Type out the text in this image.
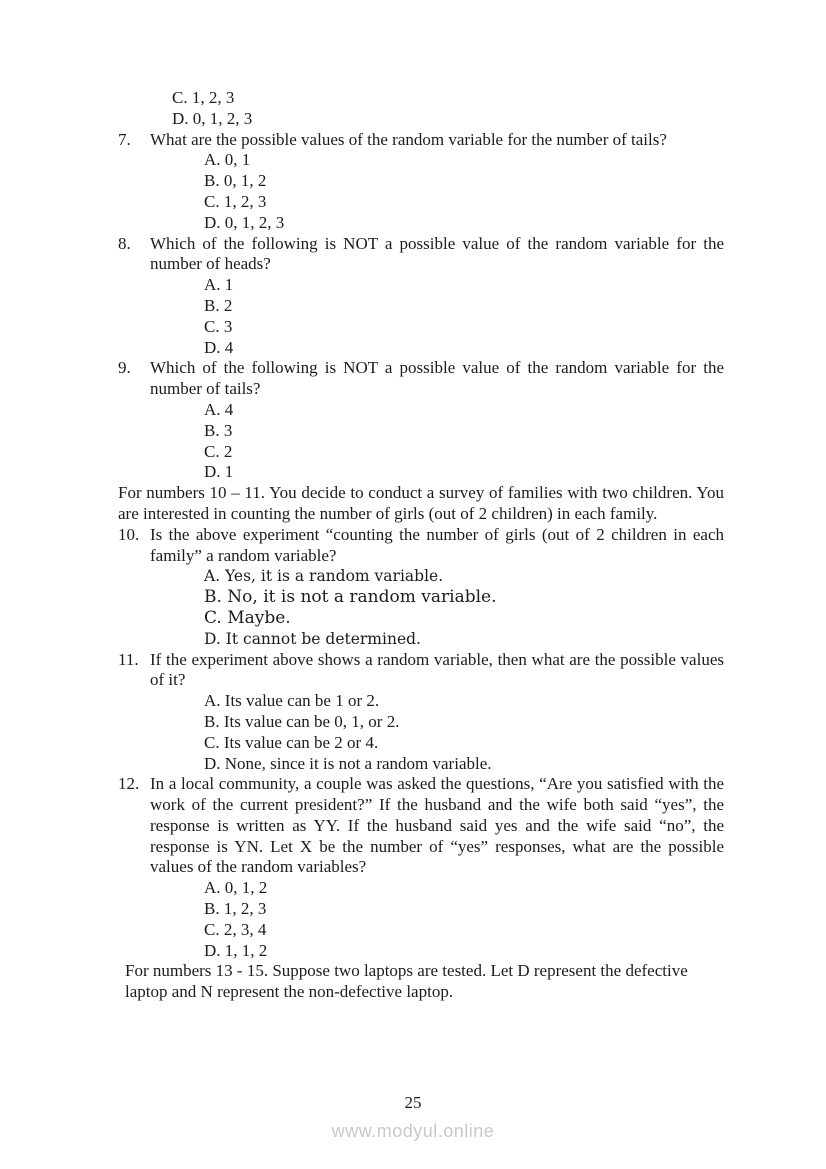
C. 1, 2, 3
D. 0, 1, 2, 3
7. What are the possible values of the random variable for the number of tails?
A. 0, 1
B. 0, 1, 2
C. 1, 2, 3
D. 0, 1, 2, 3
8. Which of the following is NOT a possible value of the random variable for the number of heads?
A. 1
B. 2
C. 3
D. 4
9. Which of the following is NOT a possible value of the random variable for the number of tails?
A. 4
B. 3
C. 2
D. 1
For numbers 10 – 11. You decide to conduct a survey of families with two children. You are interested in counting the number of girls (out of 2 children) in each family.
10. Is the above experiment “counting the number of girls (out of 2 children in each family” a random variable?
A. Yes, it is a random variable.
B. No, it is not a random variable.
C. Maybe.
D. It cannot be determined.
11. If the experiment above shows a random variable, then what are the possible values of it?
A. Its value can be 1 or 2.
B. Its value can be 0, 1, or 2.
C. Its value can be 2 or 4.
D. None, since it is not a random variable.
12. In a local community, a couple was asked the questions, “Are you satisfied with the work of the current president?” If the husband and the wife both said “yes”, the response is written as YY. If the husband said yes and the wife said “no”, the response is YN. Let X be the number of “yes” responses, what are the possible values of the random variables?
A. 0, 1, 2
B. 1, 2, 3
C. 2, 3, 4
D. 1, 1, 2
For numbers 13 - 15. Suppose two laptops are tested. Let D represent the defective laptop and N represent the non-defective laptop.
25
www.modyul.online
